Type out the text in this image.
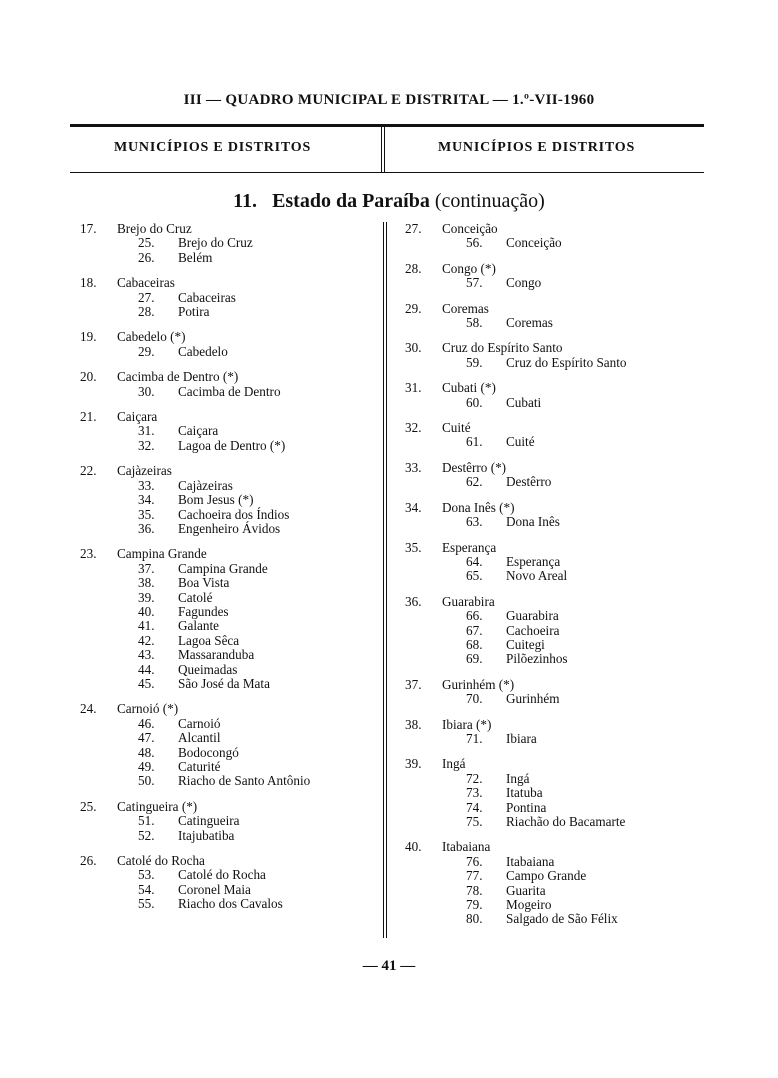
III — QUADRO MUNICIPAL E DISTRITAL — 1.º-VII-1960
MUNICÍPIOS E DISTRITOS	MUNICÍPIOS E DISTRITOS
11. Estado da Paraíba (continuação)
17.	Brejo do Cruz
25.	Brejo do Cruz
26.	Belém
18.	Cabaceiras
27.	Cabaceiras
28.	Potira
19.	Cabedelo (*)
29.	Cabedelo
20.	Cacimba de Dentro (*)
30.	Cacimba de Dentro
21.	Caiçara
31.	Caiçara
32.	Lagoa de Dentro (*)
22.	Cajàzeiras
33.	Cajàzeiras
34.	Bom Jesus (*)
35.	Cachoeira dos Índios
36.	Engenheiro Ávidos
23.	Campina Grande
37.	Campina Grande
38.	Boa Vista
39.	Catolé
40.	Fagundes
41.	Galante
42.	Lagoa Sêca
43.	Massaranduba
44.	Queimadas
45.	São José da Mata
24.	Carnoió (*)
46.	Carnoió
47.	Alcantil
48.	Bodocongó
49.	Caturité
50.	Riacho de Santo Antônio
25.	Catingueira (*)
51.	Catingueira
52.	Itajubatiba
26.	Catolé do Rocha
53.	Catolé do Rocha
54.	Coronel Maia
55.	Riacho dos Cavalos
27.	Conceição
56.	Conceição
28.	Congo (*)
57.	Congo
29.	Coremas
58.	Coremas
30.	Cruz do Espírito Santo
59.	Cruz do Espírito Santo
31.	Cubati (*)
60.	Cubati
32.	Cuité
61.	Cuité
33.	Destêrro (*)
62.	Destêrro
34.	Dona Inês (*)
63.	Dona Inês
35.	Esperança
64.	Esperança
65.	Novo Areal
36.	Guarabira
66.	Guarabira
67.	Cachoeira
68.	Cuitegi
69.	Pilõezinhos
37.	Gurinhém (*)
70.	Gurinhém
38.	Ibiara (*)
71.	Ibiara
39.	Ingá
72.	Ingá
73.	Itatuba
74.	Pontina
75.	Riachão do Bacamarte
40.	Itabaiana
76.	Itabaiana
77.	Campo Grande
78.	Guarita
79.	Mogeiro
80.	Salgado de São Félix
— 41 —
